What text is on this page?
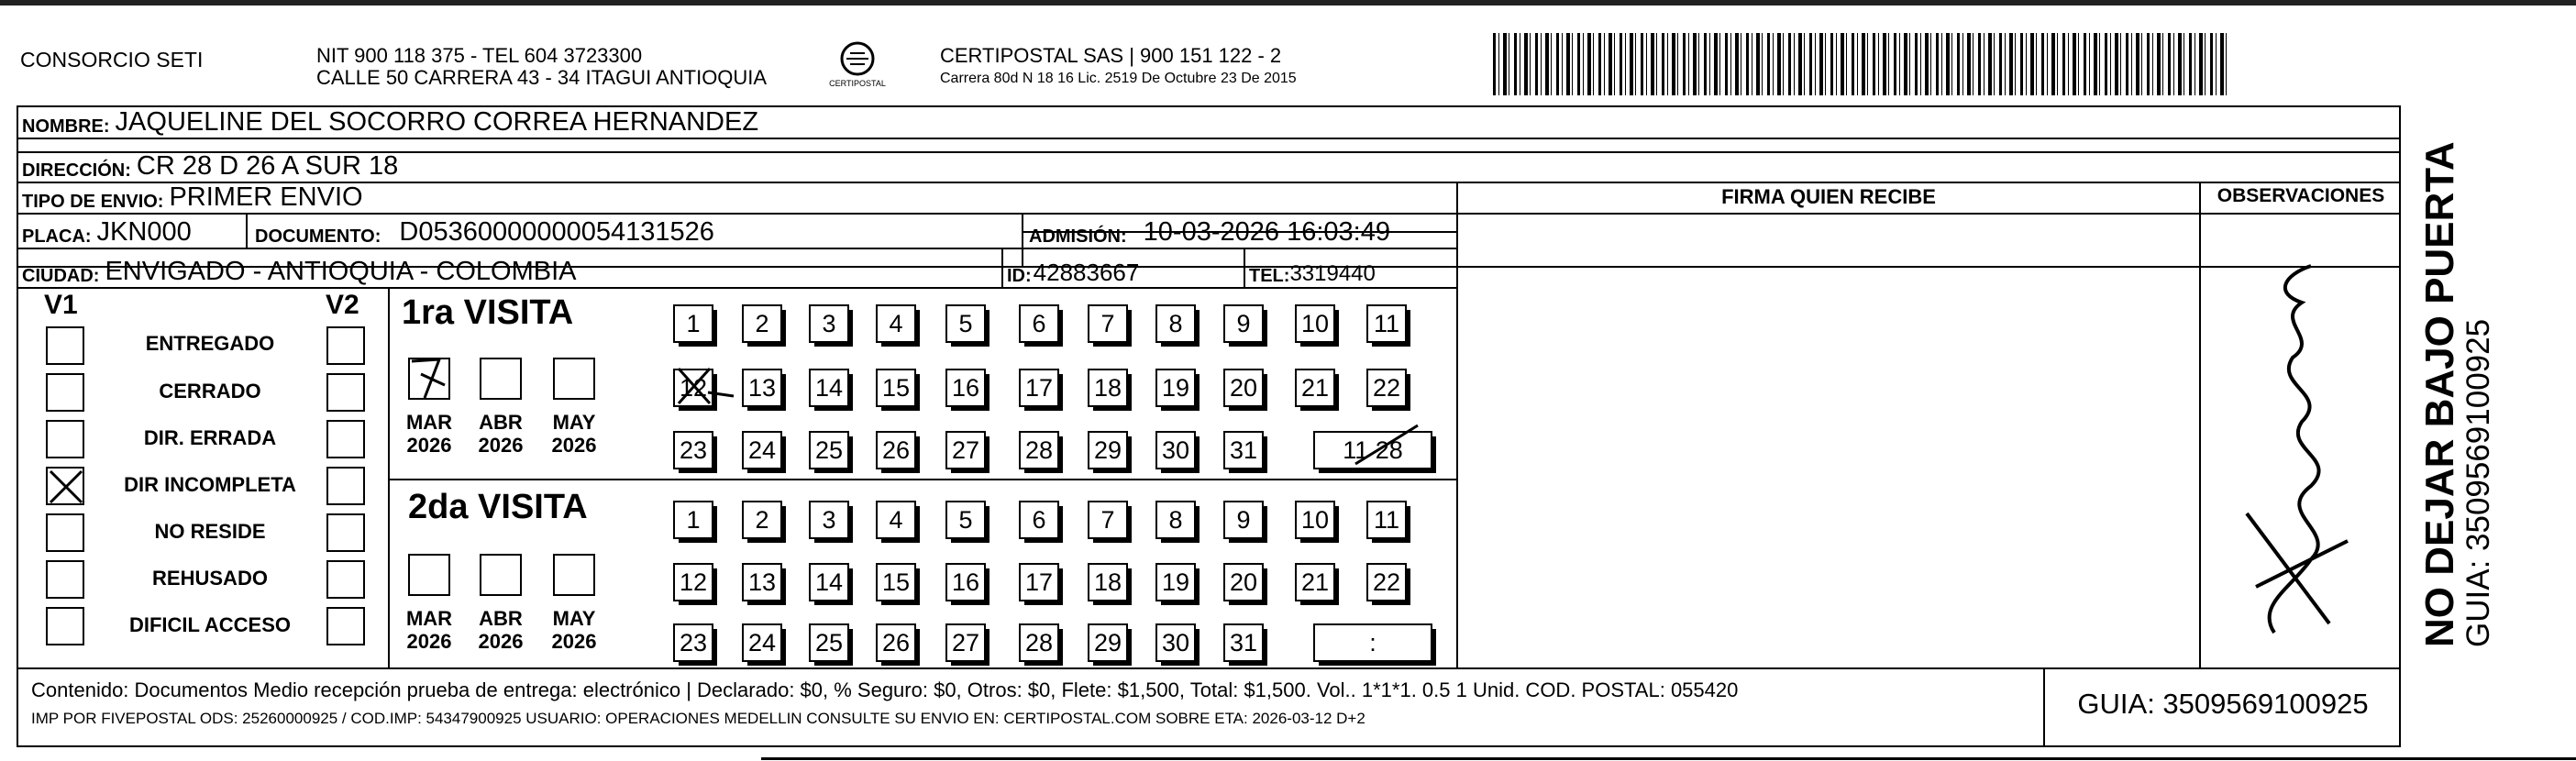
CONSORCIO SETI	NIT 900 118 375 - TEL 604 3723300
CALLE 50 CARRERA 43 - 34 ITAGUI ANTIOQUIA	CERTIPOSTAL
CERTIPOSTAL SAS | 900 151 122 - 2
Carrera 80d N 18 16 Lic. 2519 De Octubre 23 De 2015
NOMBRE: JAQUELINE DEL SOCORRO CORREA HERNANDEZ
DIRECCIÓN: CR 28 D 26 A SUR 18
TIPO DE ENVIO: PRIMER ENVIO
PLACA: JKN000	DOCUMENTO: D05360000000054131526	ADMISIÓN: 10-03-2026 16:03:49
CIUDAD: ENVIGADO - ANTIOQUIA - COLOMBIA	ID: 42883667	TEL: 3319440
FIRMA QUIEN RECIBE	OBSERVACIONES
V1	V2
ENTREGADO
CERRADO
DIR. ERRADA
DIR INCOMPLETA
NO RESIDE
REHUSADO
DIFICIL ACCESO
1ra VISITA
MAR
2026
ABR
2026
MAY
2026
2da VISITA
MAR
2026
ABR
2026
MAY
2026
1	2	3	4	5	6	7	8	9	10 11
12 13 14 15 16 17 18 19 20 21 22
23 24 25 26 27 28 29 30 31	11 28
1	2	3	4	5	6	7	8	9	10 11
12 13 14 15 16 17 18 19 20 21 22
23 24 25 26 27 28 29 30 31	:
Contenido: Documentos Medio recepción prueba de entrega: electrónico | Declarado: $0, % Seguro: $0, Otros: $0, Flete: $1,500, Total: $1,500. Vol.. 1*1*1. 0.5 1 Unid. COD. POSTAL: 055420
IMP POR FIVEPOSTAL ODS: 25260000925 / COD.IMP: 54347900925 USUARIO: OPERACIONES MEDELLIN CONSULTE SU ENVIO EN: CERTIPOSTAL.COM SOBRE ETA: 2026-03-12 D+2	GUIA: 3509569100925
NO DEJAR BAJO PUERTA
GUIA: 3509569100925
